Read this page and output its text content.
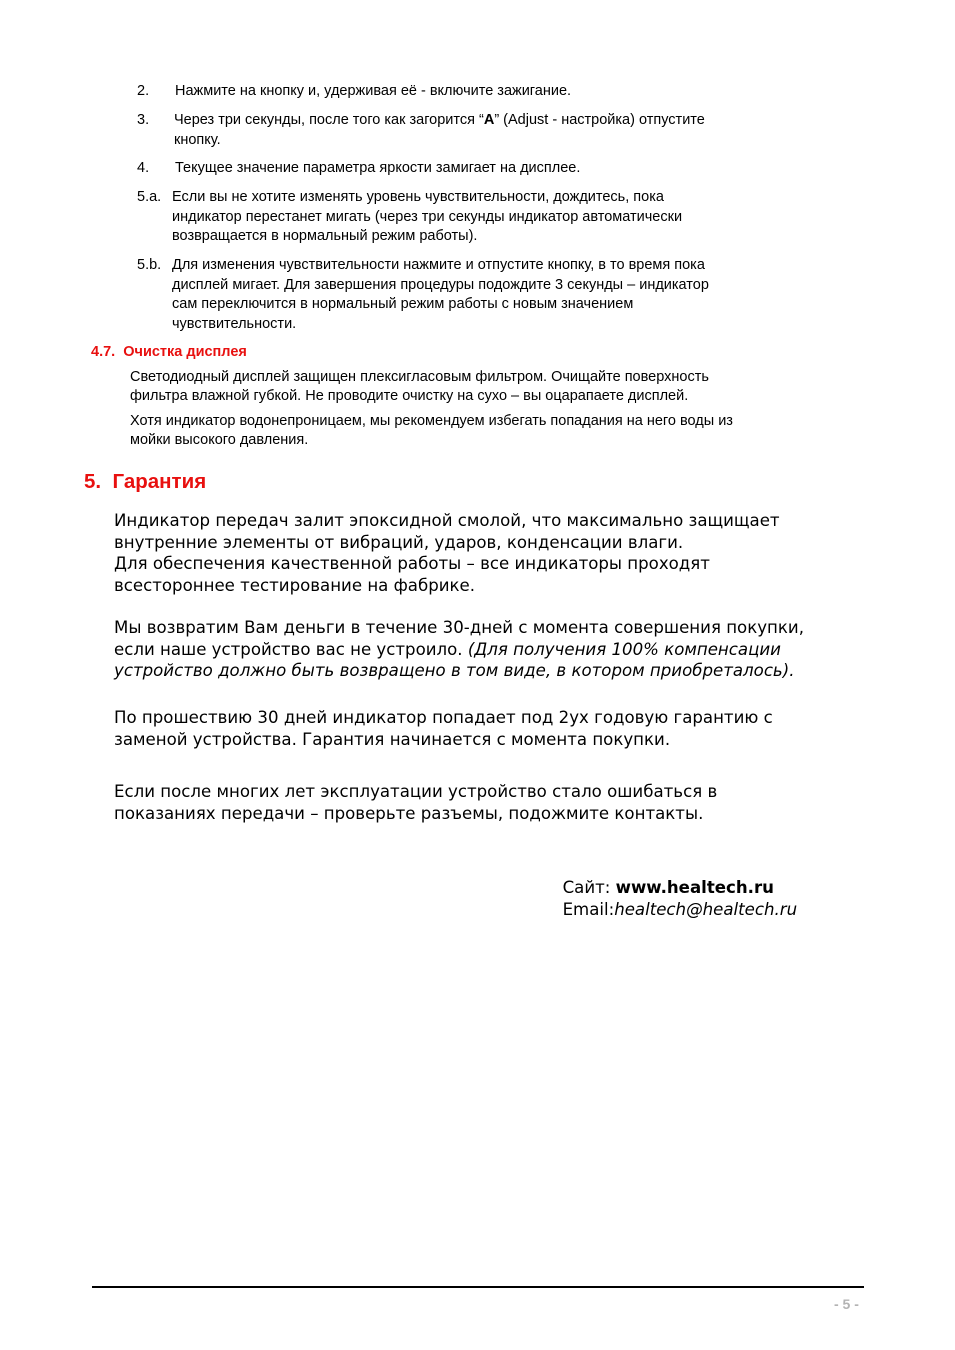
2. Нажмите на кнопку и, удерживая её - включите зажигание.
3. Через три секунды, после того как загорится “A” (Adjust - настройка) отпустите
кнопку.
4. Текущее значение параметра яркости замигает на дисплее.
5.a. Если вы не хотите изменять уровень чувствительности, дождитесь, пока
индикатор перестанет мигать (через три секунды индикатор автоматически
возвращается в нормальный режим работы).
5.b. Для изменения чувствительности нажмите и отпустите кнопку, в то время пока
дисплей мигает. Для завершения процедуры подождите 3 секунды – индикатор
сам переключится в нормальный режим работы с новым значением
чувствительности.
4.7.  Очистка дисплея
Светодиодный дисплей защищен плексигласовым фильтром. Очищайте поверхность
фильтра влажной губкой. Не проводите очистку на сухо – вы оцарапаете дисплей.
Хотя индикатор водонепроницаем, мы рекомендуем избегать попадания на него воды из
мойки высокого давления.
5.  Гарантия
Индикатор передач залит эпоксидной смолой, что максимально защищает
внутренние элементы от вибраций, ударов, конденсации влаги.
Для обеспечения качественной работы – все индикаторы проходят
всестороннее тестирование на фабрике.
Мы возвратим Вам деньги в течение 30-дней с момента совершения покупки,
если наше устройство вас не устроило. (Для получения 100% компенсации
устройство должно быть возвращено в том виде, в котором приобреталось).
По прошествию 30 дней индикатор попадает под 2ух годовую гарантию с
заменой устройства. Гарантия начинается с момента покупки.
Если после многих лет эксплуатации устройство стало ошибаться в
показаниях передачи – проверьте разъемы, подожмите контакты.

Сайт: www.healtech.ru

Email:healtech@healtech.ru

- 5 -
